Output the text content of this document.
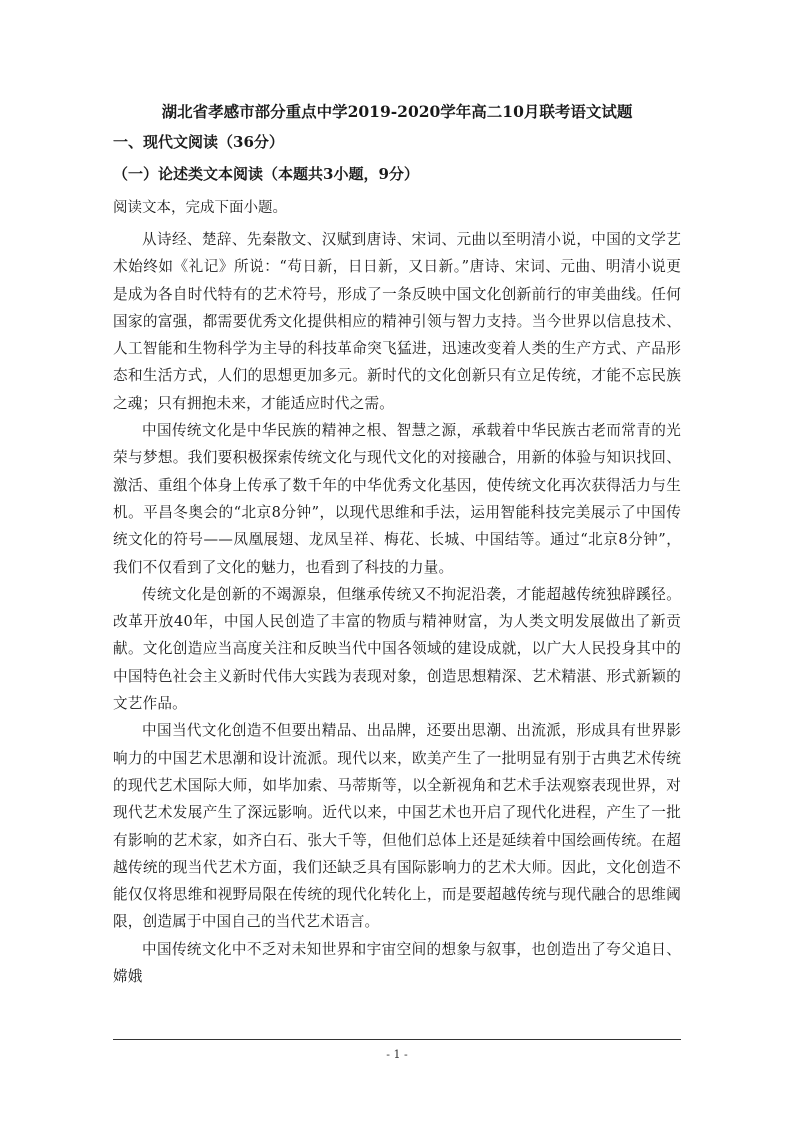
湖北省孝感市部分重点中学2019-2020学年高二10月联考语文试题
一、现代文阅读（36分）
（一）论述类文本阅读（本题共3小题，9分）
阅读文本，完成下面小题。

从诗经、楚辞、先秦散文、汉赋到唐诗、宋词、元曲以至明清小说，中国的文学艺术始终如《礼记》所说：“苟日新，日日新，又日新。”唐诗、宋词、元曲、明清小说更是成为各自时代特有的艺术符号，形成了一条反映中国文化创新前行的审美曲线。任何国家的富强，都需要优秀文化提供相应的精神引领与智力支持。当今世界以信息技术、人工智能和生物科学为主导的科技革命突飞猛进，迅速改变着人类的生产方式、产品形态和生活方式，人们的思想更加多元。新时代的文化创新只有立足传统，才能不忘民族之魂；只有拥抱未来，才能适应时代之需。

中国传统文化是中华民族的精神之根、智慧之源，承载着中华民族古老而常青的光荣与梦想。我们要积极探索传统文化与现代文化的对接融合，用新的体验与知识找回、激活、重组个体身上传承了数千年的中华优秀文化基因，使传统文化再次获得活力与生机。平昌冬奥会的“北京8分钟”，以现代思维和手法，运用智能科技完美展示了中国传统文化的符号——凤凰展翅、龙凤呈祥、梅花、长城、中国结等。通过“北京8分钟”，我们不仅看到了文化的魅力，也看到了科技的力量。

传统文化是创新的不竭源泉，但继承传统又不拘泥沿袭，才能超越传统独辟蹊径。改革开放40年，中国人民创造了丰富的物质与精神财富，为人类文明发展做出了新贡献。文化创造应当高度关注和反映当代中国各领域的建设成就，以广大人民投身其中的中国特色社会主义新时代伟大实践为表现对象，创造思想精深、艺术精湛、形式新颖的文艺作品。

中国当代文化创造不但要出精品、出品牌，还要出思潮、出流派，形成具有世界影响力的中国艺术思潮和设计流派。现代以来，欧美产生了一批明显有别于古典艺术传统的现代艺术国际大师，如毕加索、马蒂斯等，以全新视角和艺术手法观察表现世界，对现代艺术发展产生了深远影响。近代以来，中国艺术也开启了现代化进程，产生了一批有影响的艺术家，如齐白石、张大千等，但他们总体上还是延续着中国绘画传统。在超越传统的现当代艺术方面，我们还缺乏具有国际影响力的艺术大师。因此，文化创造不能仅仅将思维和视野局限在传统的现代化转化上，而是要超越传统与现代融合的思维阈限，创造属于中国自己的当代艺术语言。

中国传统文化中不乏对未知世界和宇宙空间的想象与叙事，也创造出了夸父追日、嫦娥

- 1 -
